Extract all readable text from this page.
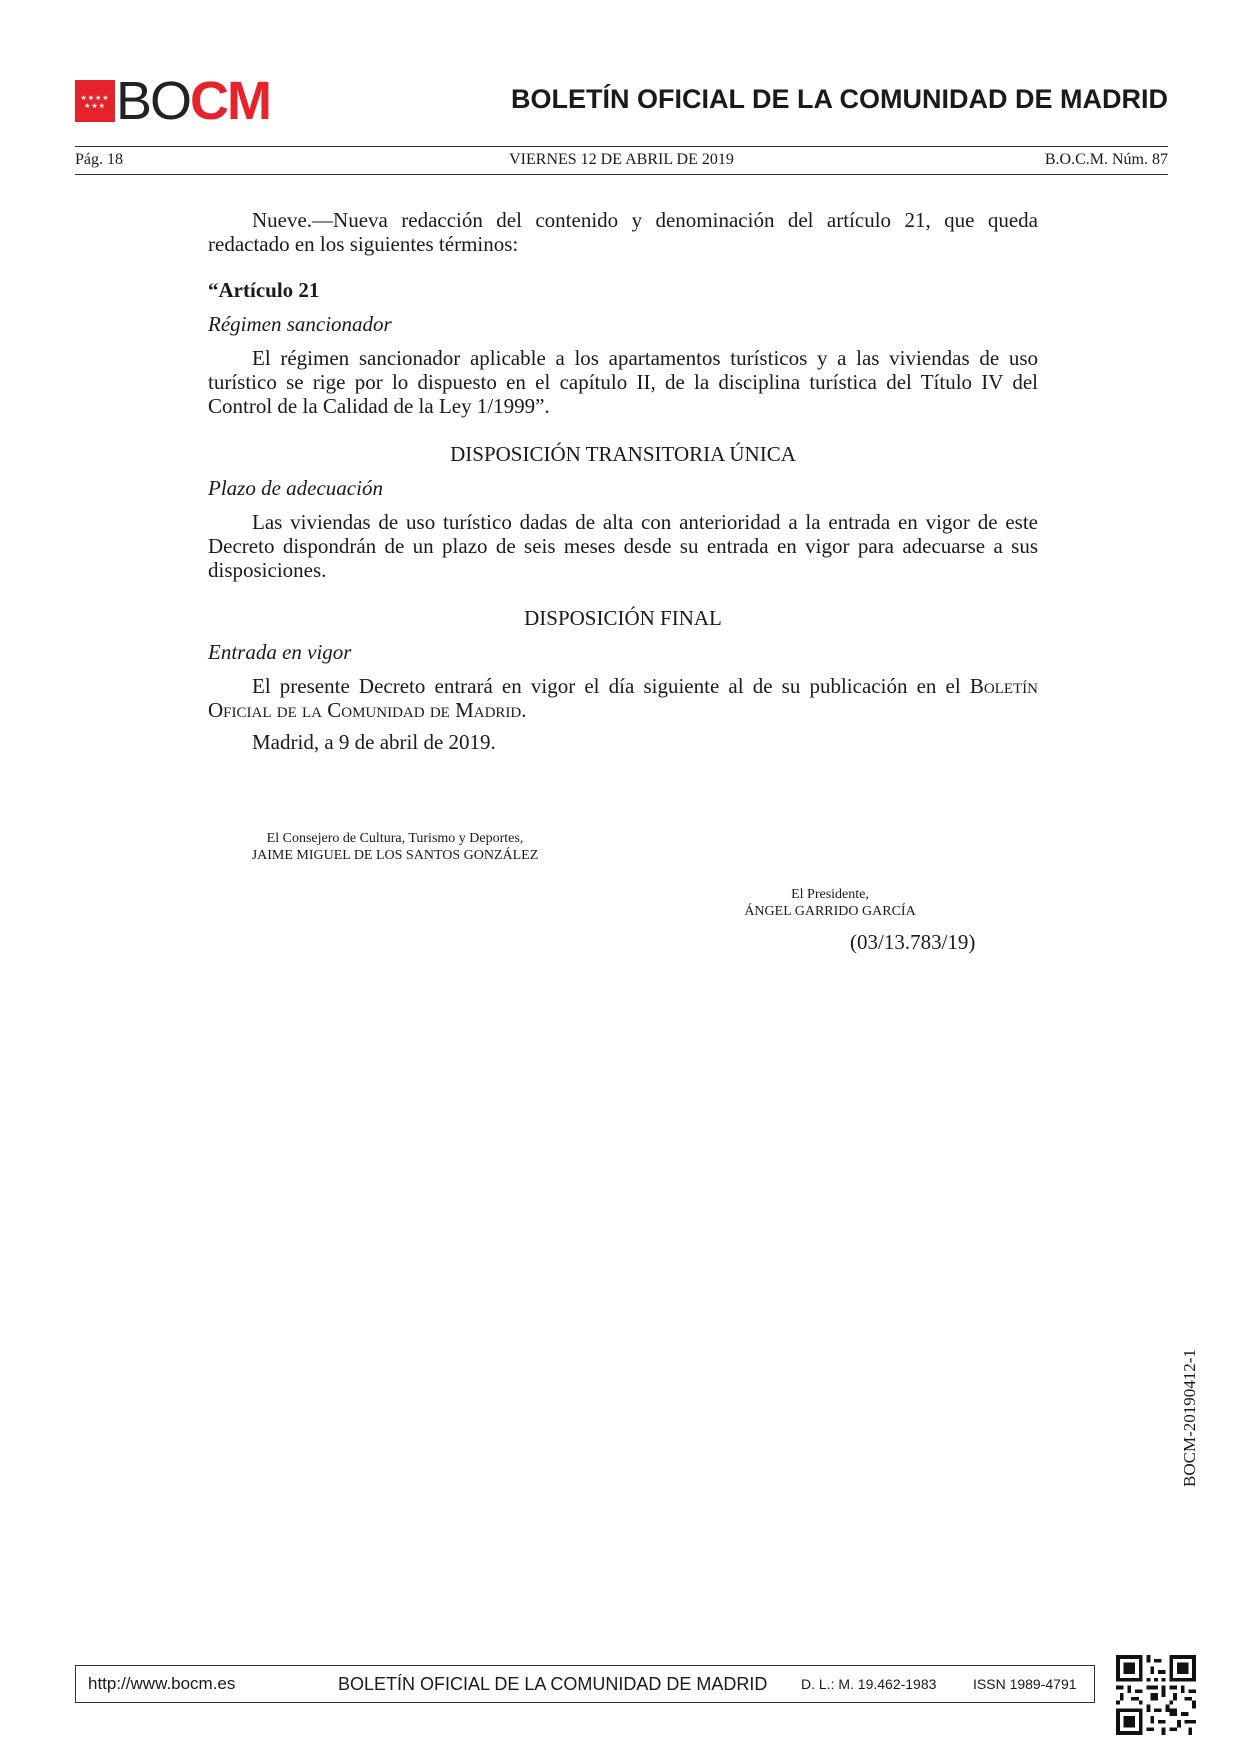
★★★★ ★★★ BOCM	BOLETÍN OFICIAL DE LA COMUNIDAD DE MADRID
Pág. 18	VIERNES 12 DE ABRIL DE 2019	B.O.C.M. Núm. 87

Nueve.—Nueva redacción del contenido y denominación del artículo 21, que queda redactado en los siguientes términos:

“Artículo 21

Régimen sancionador

El régimen sancionador aplicable a los apartamentos turísticos y a las viviendas de uso turístico se rige por lo dispuesto en el capítulo II, de la disciplina turística del Título IV del Control de la Calidad de la Ley 1/1999”.

DISPOSICIÓN TRANSITORIA ÚNICA

Plazo de adecuación

Las viviendas de uso turístico dadas de alta con anterioridad a la entrada en vigor de este Decreto dispondrán de un plazo de seis meses desde su entrada en vigor para adecuarse a sus disposiciones.

DISPOSICIÓN FINAL

Entrada en vigor

El presente Decreto entrará en vigor el día siguiente al de su publicación en el Boletín Oficial de la Comunidad de Madrid.

Madrid, a 9 de abril de 2019.

El Consejero de Cultura, Turismo y Deportes,
JAIME MIGUEL DE LOS SANTOS GONZÁLEZ
El Presidente,
ÁNGEL GARRIDO GARCÍA
(03/13.783/19)
BOCM-20190412-1
http://www.bocm.es	BOLETÍN OFICIAL DE LA COMUNIDAD DE MADRID D. L.: M. 19.462-1983	ISSN 1989-4791
